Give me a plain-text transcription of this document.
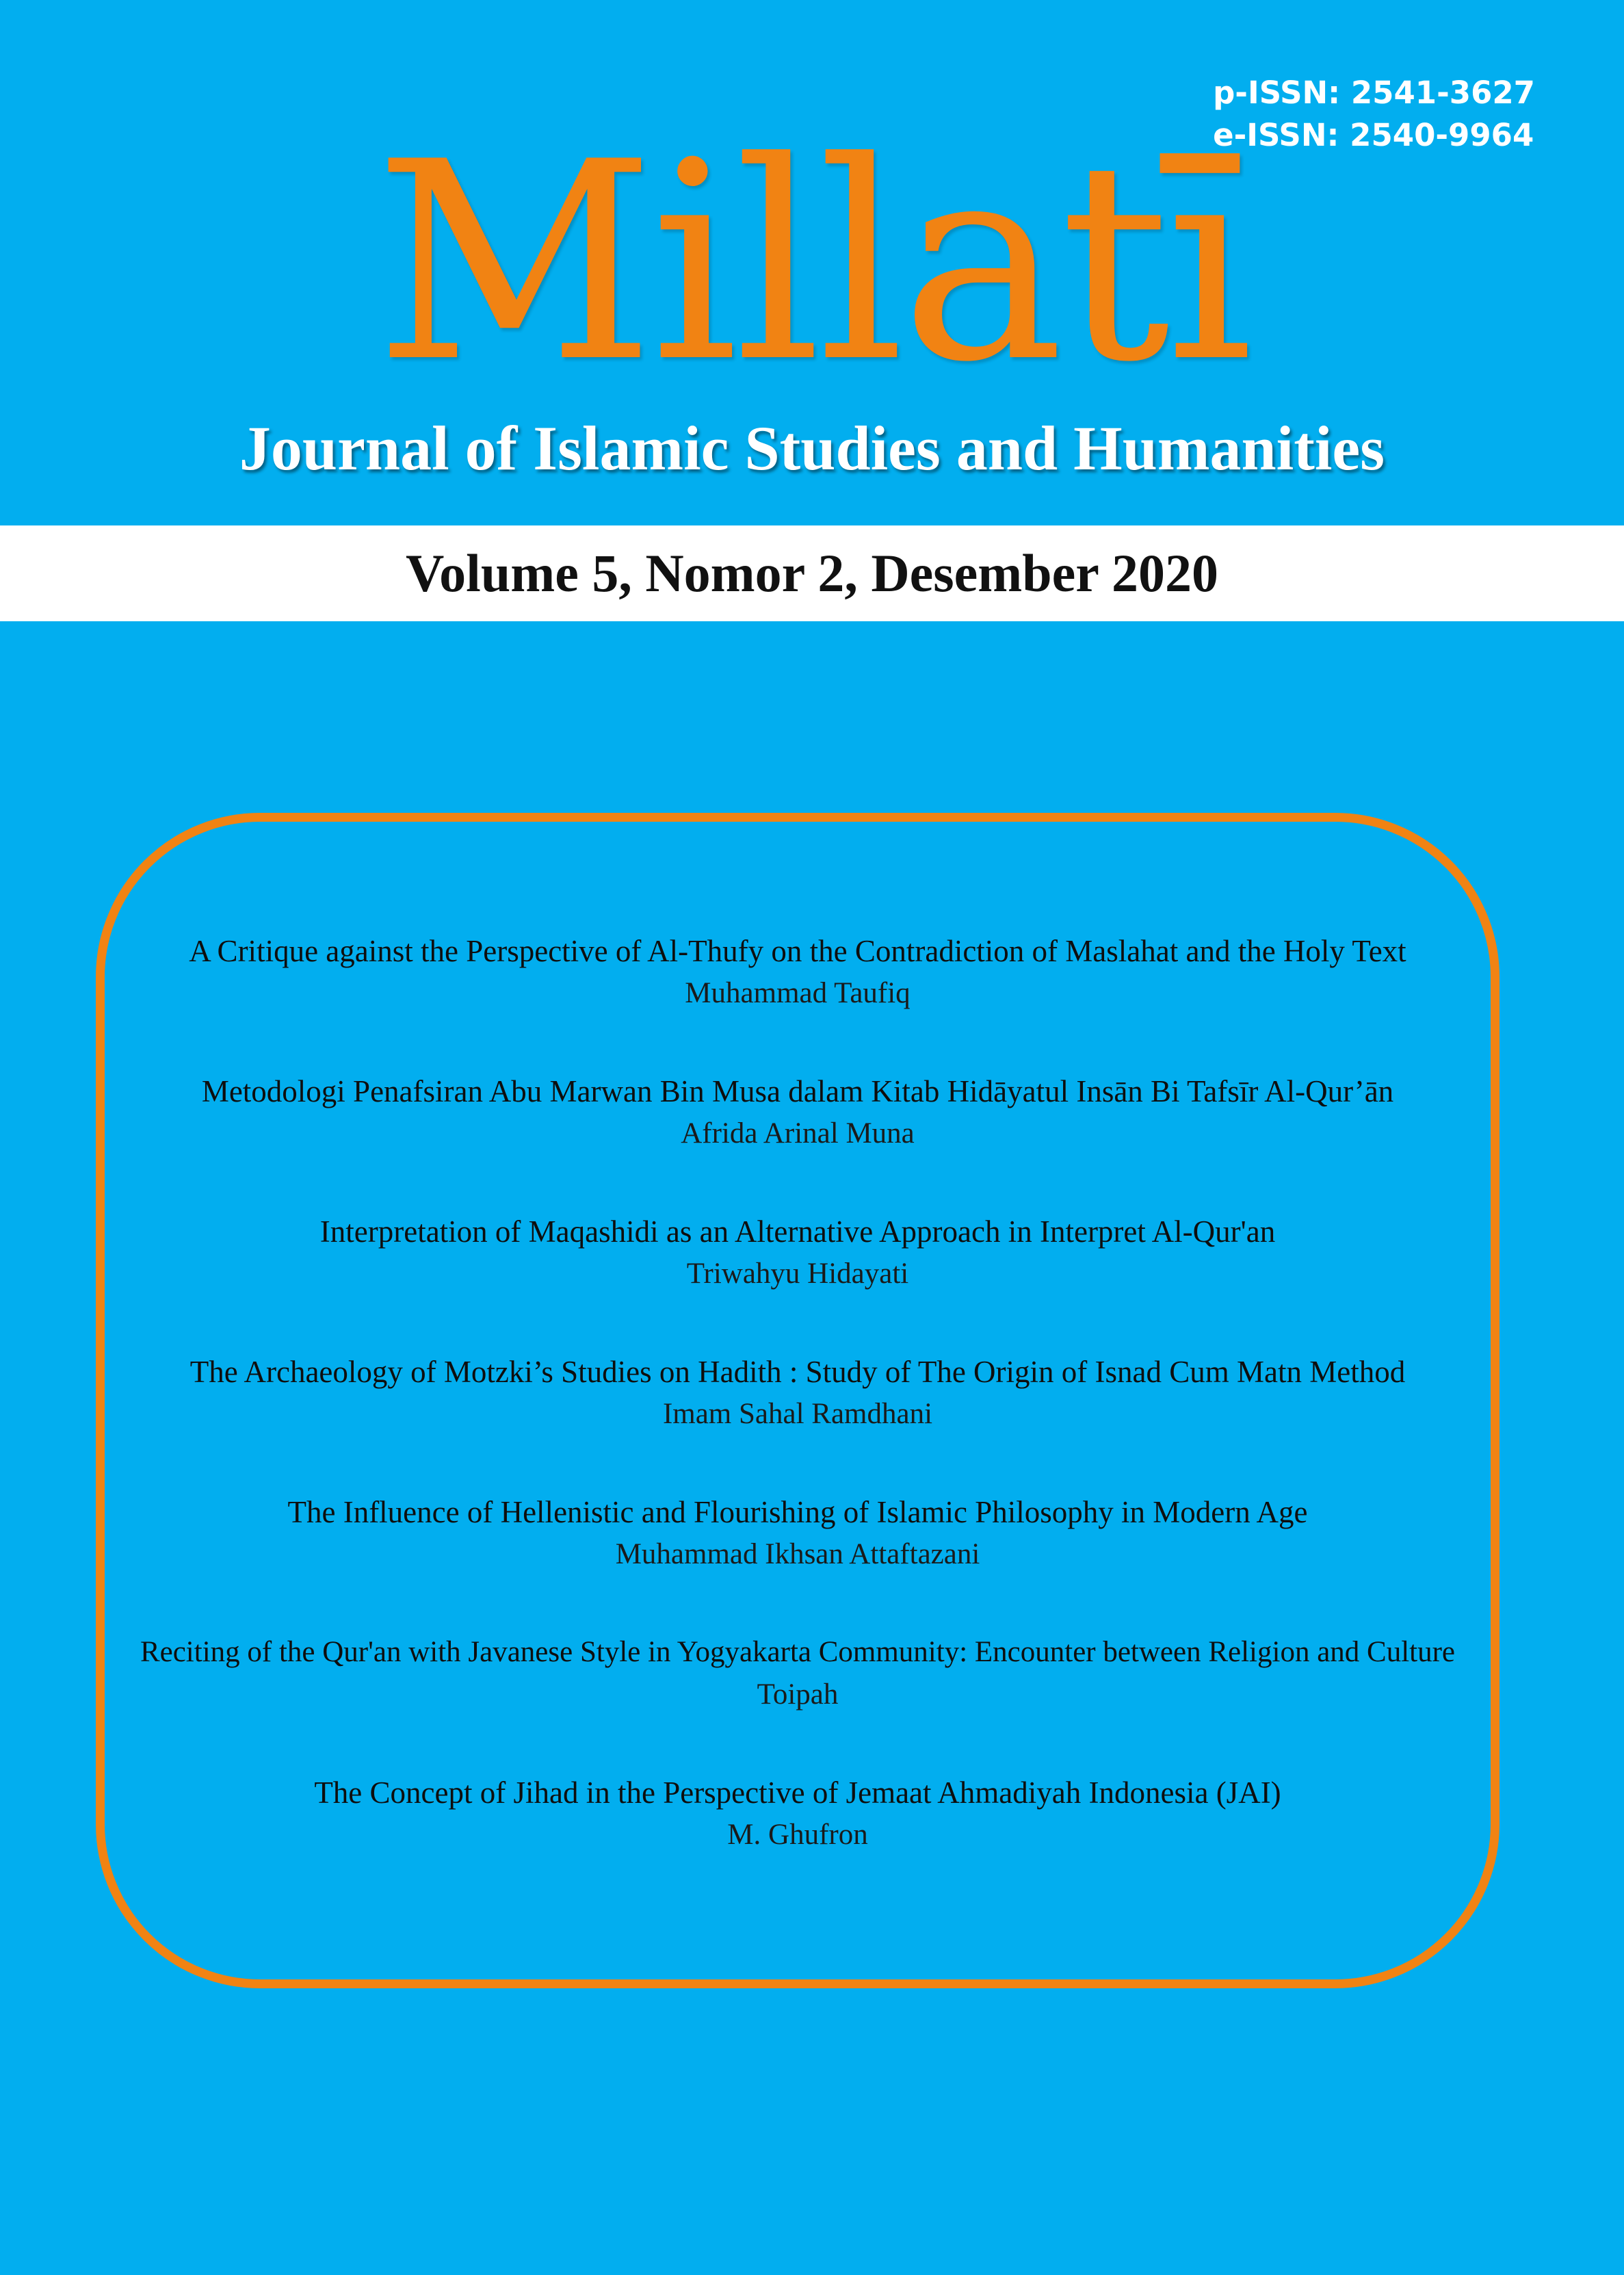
p-ISSN: 2541-3627
e-ISSN: 2540-9964
Millatī
Journal of Islamic Studies and Humanities
Volume 5, Nomor 2, Desember 2020
A Critique against the Perspective of Al-Thufy on the Contradiction of Maslahat and the Holy Text
Muhammad Taufiq
Metodologi Penafsiran Abu Marwan Bin Musa dalam Kitab Hidāyatul Insān Bi Tafsīr Al-Qur’ān
Afrida Arinal Muna
Interpretation of Maqashidi as an Alternative Approach in Interpret Al-Qur'an
Triwahyu Hidayati
The Archaeology of Motzki’s Studies on Hadith : Study of The Origin of Isnad Cum Matn Method
Imam Sahal Ramdhani
The Influence of Hellenistic and Flourishing of Islamic Philosophy in Modern Age
Muhammad Ikhsan Attaftazani
Reciting of the Qur'an with Javanese Style in Yogyakarta Community: Encounter between Religion and Culture
Toipah
The Concept of Jihad in the Perspective of Jemaat Ahmadiyah Indonesia (JAI)
M. Ghufron
